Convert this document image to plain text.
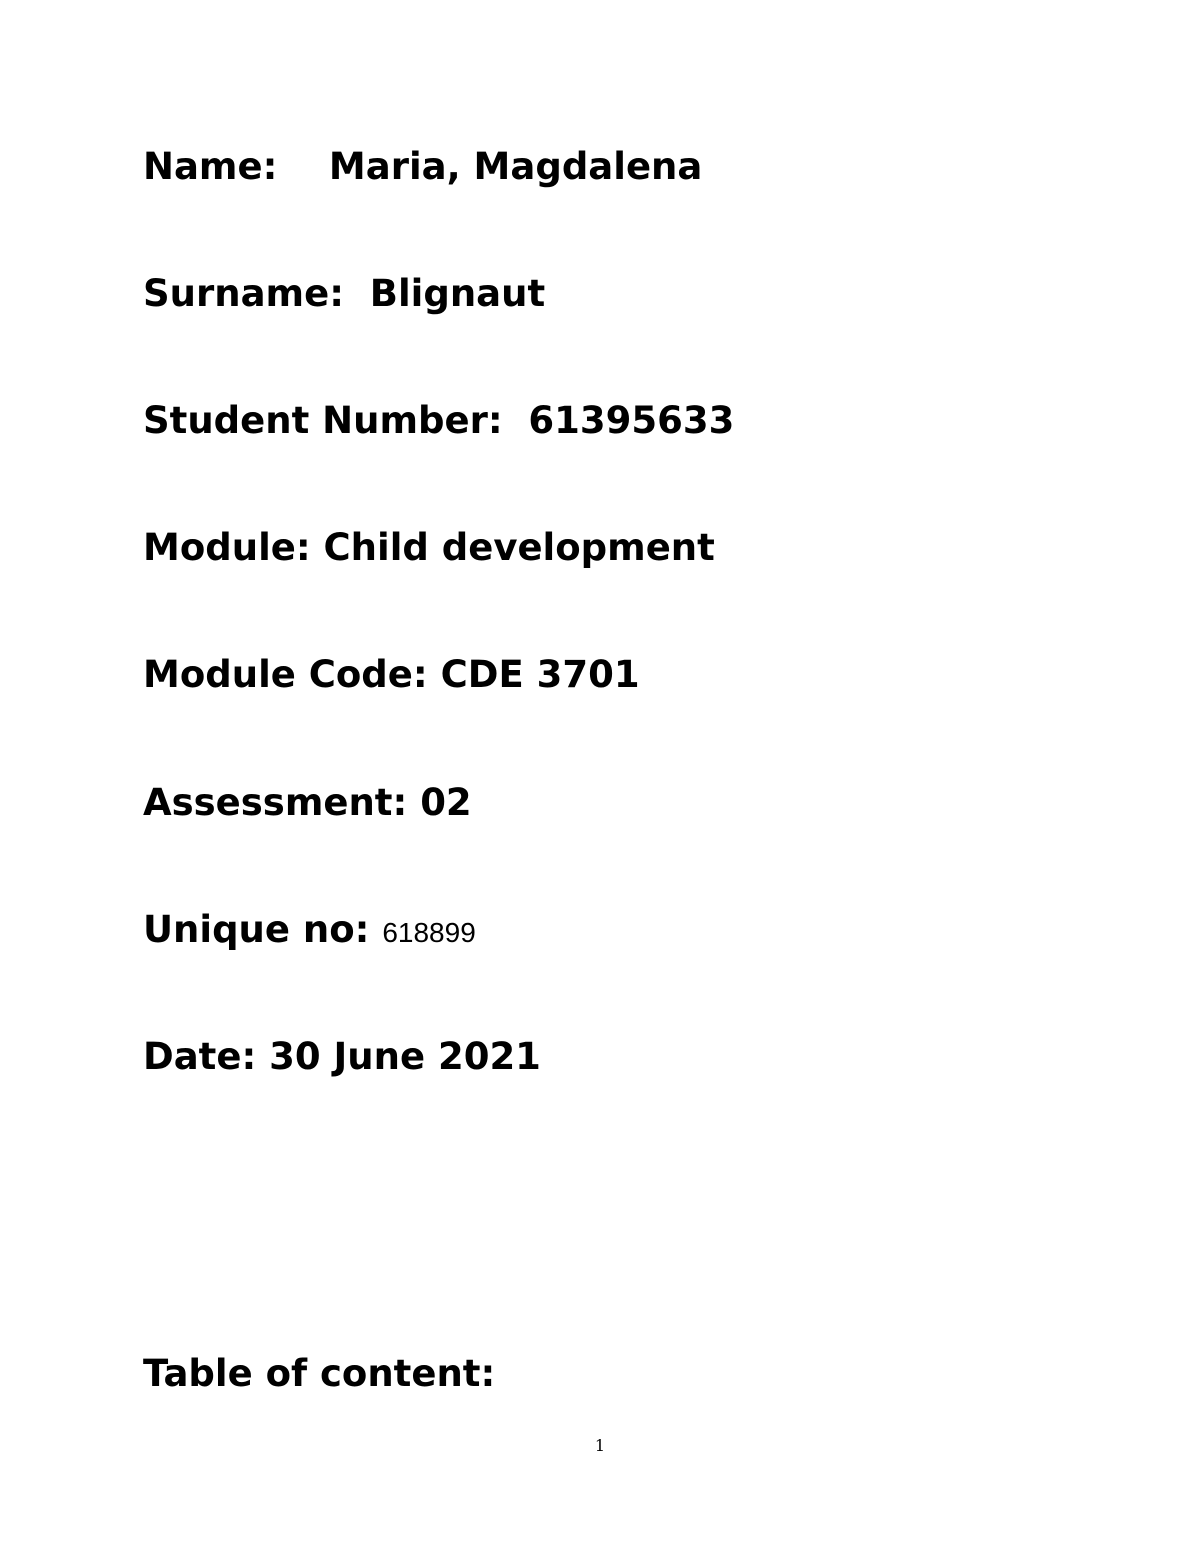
Name: Maria, Magdalena
Surname: Blignaut
Student Number: 61395633
Module: Child development
Module Code: CDE 3701
Assessment: 02
Unique no: 618899
Date: 30 June 2021
Table of content:
1
